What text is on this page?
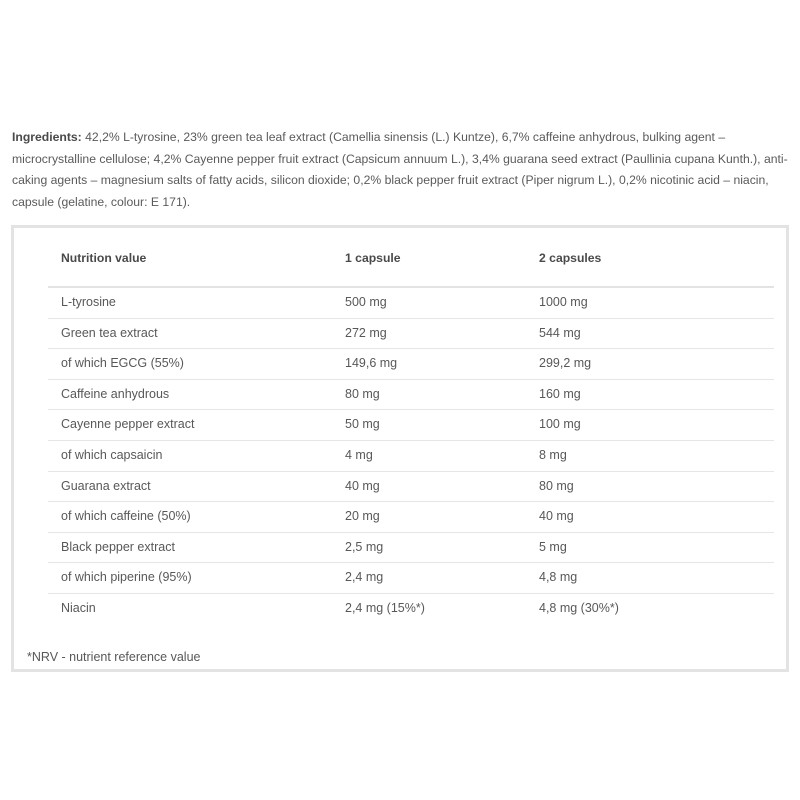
Ingredients: 42,2% L-tyrosine, 23% green tea leaf extract (Camellia sinensis (L.) Kuntze), 6,7% caffeine anhydrous, bulking agent – microcrystalline cellulose; 4,2% Cayenne pepper fruit extract (Capsicum annuum L.), 3,4% guarana seed extract (Paullinia cupana Kunth.), anti-caking agents – magnesium salts of fatty acids, silicon dioxide; 0,2% black pepper fruit extract (Piper nigrum L.), 0,2% nicotinic acid – niacin, capsule (gelatine, colour: E 171).
Nutrition value	1 capsule	2 capsules
L-tyrosine	500 mg	1000 mg
Green tea extract	272 mg	544 mg
of which EGCG (55%)	149,6 mg	299,2 mg
Caffeine anhydrous	80 mg	160 mg
Cayenne pepper extract	50 mg	100 mg
of which capsaicin	4 mg	8 mg
Guarana extract	40 mg	80 mg
of which caffeine (50%)	20 mg	40 mg
Black pepper extract	2,5 mg	5 mg
of which piperine (95%)	2,4 mg	4,8 mg
Niacin	2,4 mg (15%*)	4,8 mg (30%*)
*NRV - nutrient reference value
